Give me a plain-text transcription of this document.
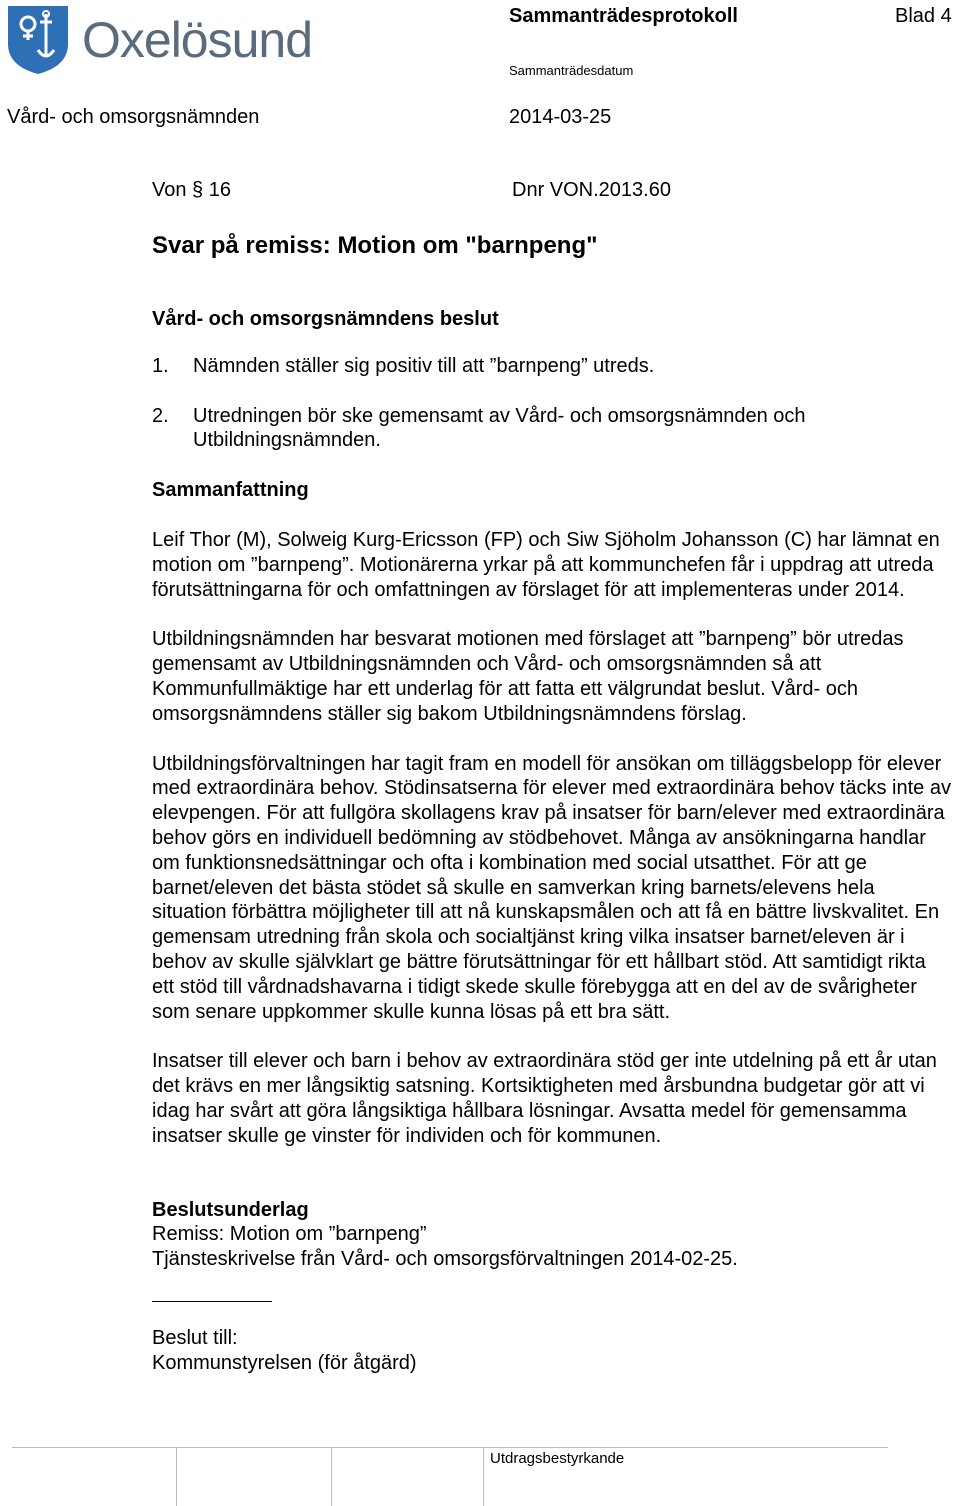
Oxelösund	Sammanträdesprotokoll	Blad 4
Sammanträdesdatum
Vård- och omsorgsnämnden	2014-03-25
Von § 16	Dnr VON.2013.60

Svar på remiss: Motion om "barnpeng"

Vård- och omsorgsnämndens beslut

1. Nämnden ställer sig positiv till att ”barnpeng” utreds.
2. Utredningen bör ske gemensamt av Vård- och omsorgsnämnden och Utbildningsnämnden.

Sammanfattning

Leif Thor (M), Solweig Kurg-Ericsson (FP) och Siw Sjöholm Johansson (C) har lämnat en motion om ”barnpeng”. Motionärerna yrkar på att kommunchefen får i uppdrag att utreda förutsättningarna för och omfattningen av förslaget för att implementeras under 2014.

Utbildningsnämnden har besvarat motionen med förslaget att ”barnpeng” bör utredas gemensamt av Utbildningsnämnden och Vård- och omsorgsnämnden så att Kommunfullmäktige har ett underlag för att fatta ett välgrundat beslut. Vård- och omsorgsnämndens ställer sig bakom Utbildningsnämndens förslag.

Utbildningsförvaltningen har tagit fram en modell för ansökan om tilläggsbelopp för elever med extraordinära behov. Stödinsatserna för elever med extraordinära behov täcks inte av elevpengen. För att fullgöra skollagens krav på insatser för barn/elever med extraordinära behov görs en individuell bedömning av stödbehovet. Många av ansökningarna handlar om funktionsnedsättningar och ofta i kombination med social utsatthet. För att ge barnet/eleven det bästa stödet så skulle en samverkan kring barnets/elevens hela situation förbättra möjligheter till att nå kunskapsmålen och att få en bättre livskvalitet. En gemensam utredning från skola och socialtjänst kring vilka insatser barnet/eleven är i behov av skulle självklart ge bättre förutsättningar för ett hållbart stöd. Att samtidigt rikta ett stöd till vårdnadshavarna i tidigt skede skulle förebygga att en del av de svårigheter som senare uppkommer skulle kunna lösas på ett bra sätt.

Insatser till elever och barn i behov av extraordinära stöd ger inte utdelning på ett år utan det krävs en mer långsiktig satsning. Kortsiktigheten med årsbundna budgetar gör att vi idag har svårt att göra långsiktiga hållbara lösningar. Avsatta medel för gemensamma insatser skulle ge vinster för individen och för kommunen.

Beslutsunderlag

Remiss: Motion om ”barnpeng”

Tjänsteskrivelse från Vård- och omsorgsförvaltningen 2014-02-25.

Beslut till:

Kommunstyrelsen (för åtgärd)

Utdragsbestyrkande
